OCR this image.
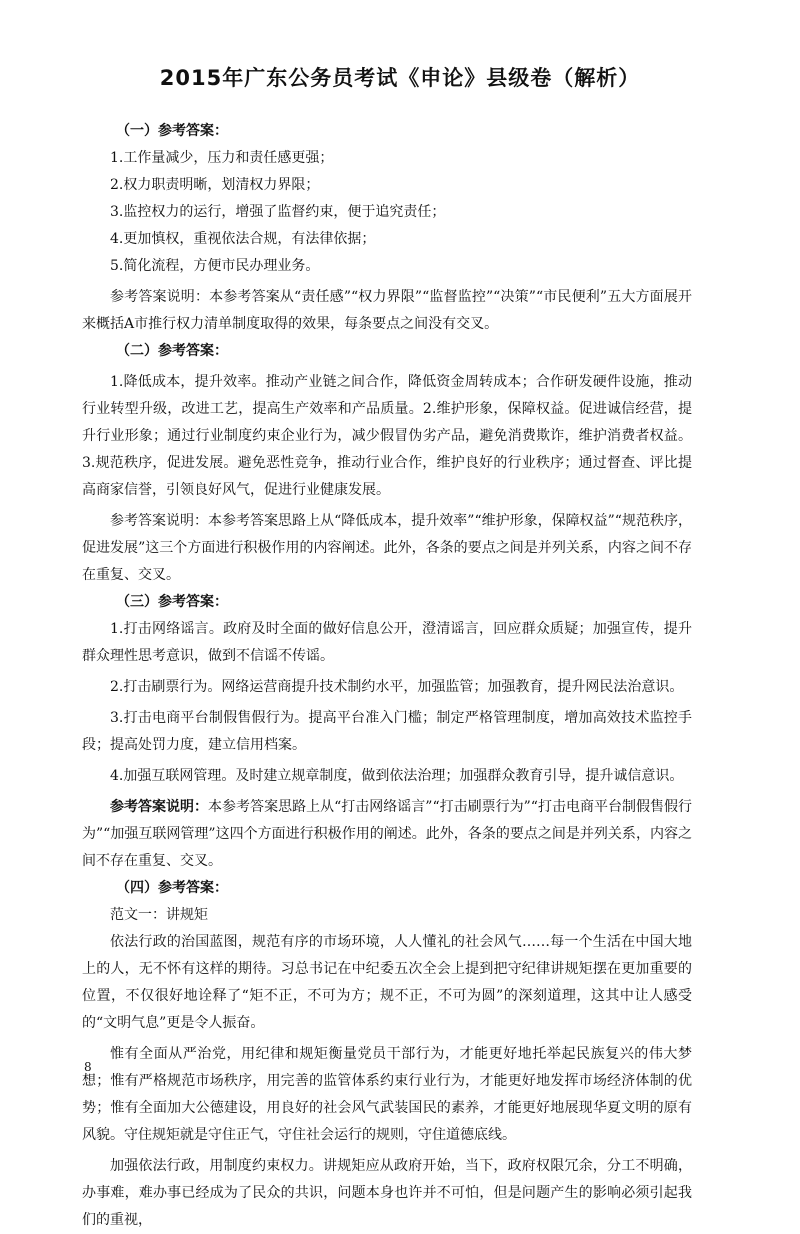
2015年广东公务员考试《申论》县级卷（解析）

（一）参考答案：

1.工作量减少，压力和责任感更强；

2.权力职责明晰，划清权力界限；

3.监控权力的运行，增强了监督约束，便于追究责任；

4.更加慎权，重视依法合规，有法律依据；

5.简化流程，方便市民办理业务。

参考答案说明：本参考答案从“责任感”“权力界限”“监督监控”“决策”“市民便利”五大方面展开来概括A市推行权力清单制度取得的效果，每条要点之间没有交叉。

（二）参考答案：

1.降低成本，提升效率。推动产业链之间合作，降低资金周转成本；合作研发硬件设施，推动行业转型升级，改进工艺，提高生产效率和产品质量。2.维护形象，保障权益。促进诚信经营，提升行业形象；通过行业制度约束企业行为，减少假冒伪劣产品，避免消费欺诈，维护消费者权益。3.规范秩序，促进发展。避免恶性竞争，推动行业合作，维护良好的行业秩序；通过督查、评比提高商家信誉，引领良好风气，促进行业健康发展。

参考答案说明：本参考答案思路上从“降低成本，提升效率”“维护形象，保障权益”“规范秩序，促进发展”这三个方面进行积极作用的内容阐述。此外，各条的要点之间是并列关系，内容之间不存在重复、交叉。

（三）参考答案：

1.打击网络谣言。政府及时全面的做好信息公开，澄清谣言，回应群众质疑；加强宣传，提升群众理性思考意识，做到不信谣不传谣。

2.打击刷票行为。网络运营商提升技术制约水平，加强监管；加强教育，提升网民法治意识。

3.打击电商平台制假售假行为。提高平台准入门槛；制定严格管理制度，增加高效技术监控手段；提高处罚力度，建立信用档案。

4.加强互联网管理。及时建立规章制度，做到依法治理；加强群众教育引导，提升诚信意识。

参考答案说明：本参考答案思路上从“打击网络谣言”“打击刷票行为”“打击电商平台制假售假行为”“加强互联网管理”这四个方面进行积极作用的阐述。此外，各条的要点之间是并列关系，内容之间不存在重复、交叉。

（四）参考答案：

范文一：讲规矩

依法行政的治国蓝图，规范有序的市场环境，人人懂礼的社会风气……每一个生活在中国大地上的人，无不怀有这样的期待。习总书记在中纪委五次全会上提到把守纪律讲规矩摆在更加重要的位置，不仅很好地诠释了“矩不正，不可为方；规不正，不可为圆”的深刻道理，这其中让人感受的“文明气息”更是令人振奋。

惟有全面从严治党，用纪律和规矩衡量党员干部行为，才能更好地托举起民族复兴的伟大梦想；惟有严格规范市场秩序，用完善的监管体系约束行业行为，才能更好地发挥市场经济体制的优势；惟有全面加大公德建设，用良好的社会风气武装国民的素养，才能更好地展现华夏文明的原有风貌。守住规矩就是守住正气，守住社会运行的规则，守住道德底线。

加强依法行政，用制度约束权力。讲规矩应从政府开始，当下，政府权限冗余，分工不明确，办事难，难办事已经成为了民众的共识，问题本身也许并不可怕，但是问题产生的影响必须引起我们的重视，

8
